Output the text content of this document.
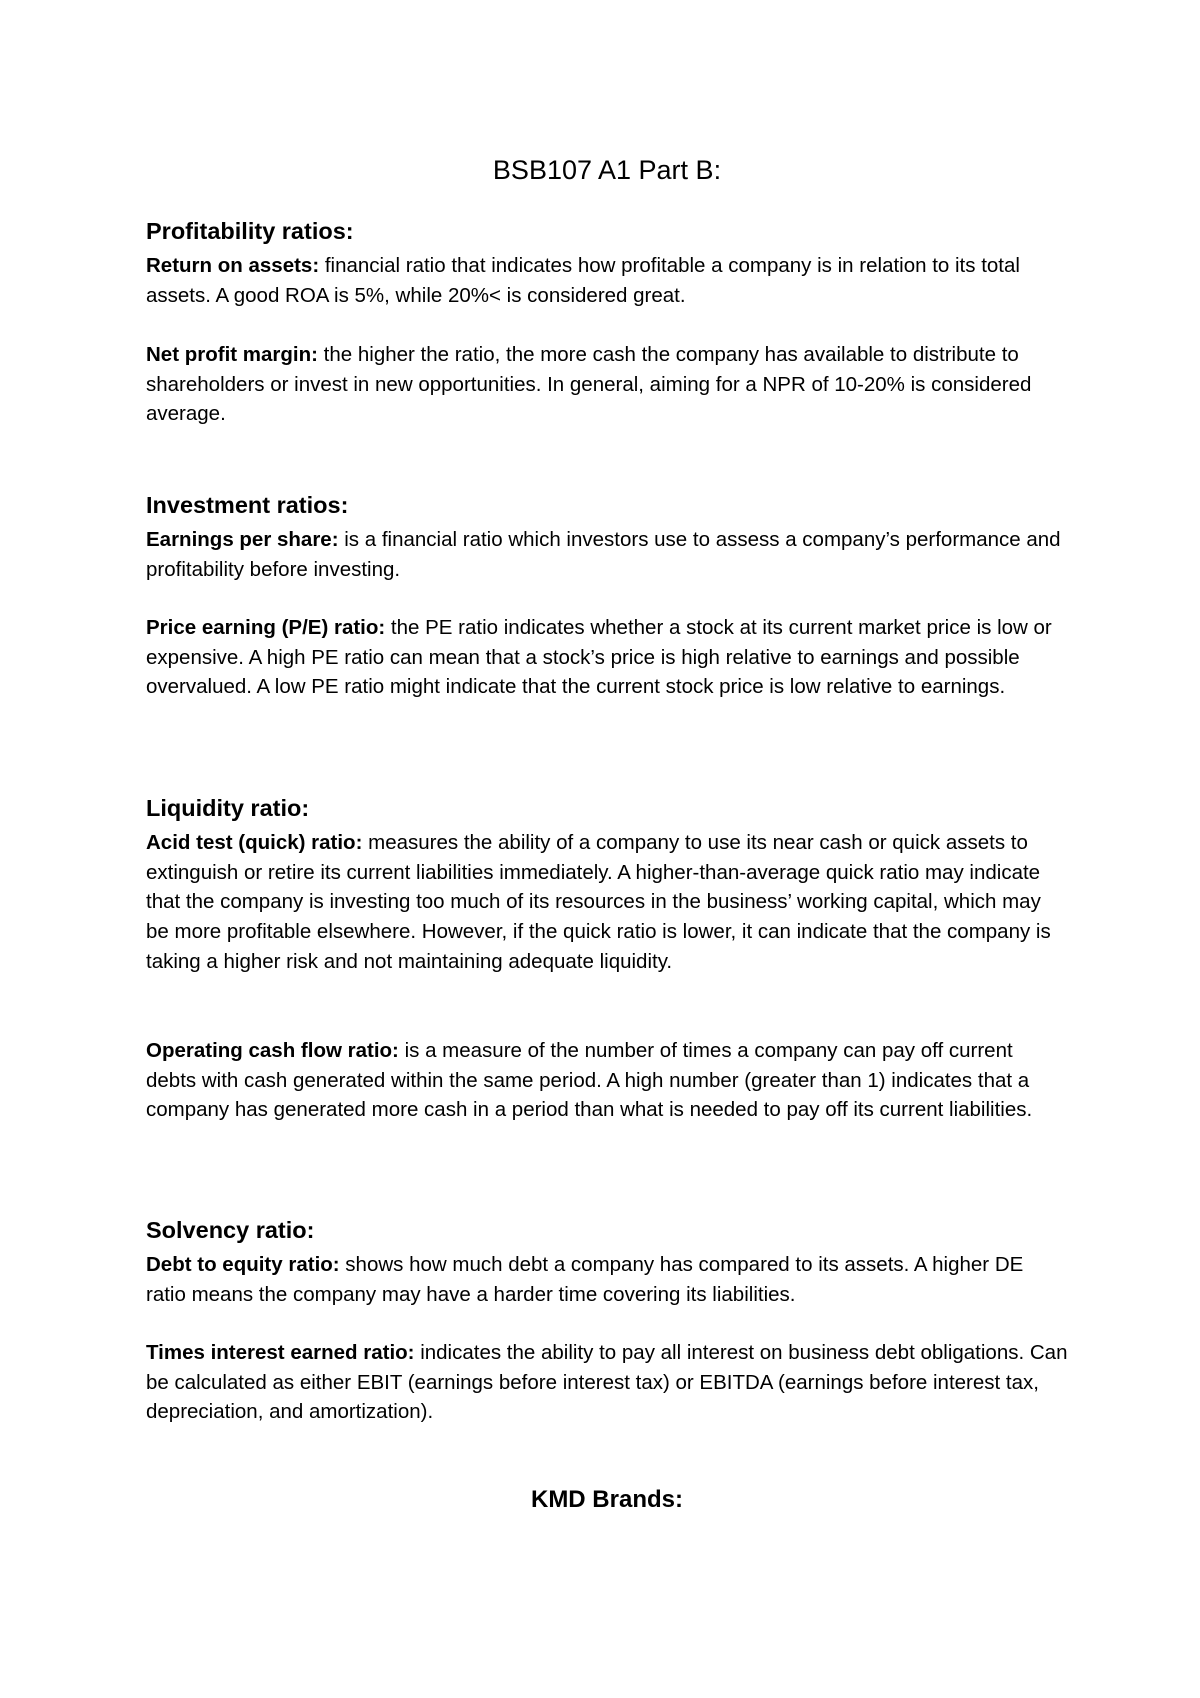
BSB107 A1 Part B:
Profitability ratios:
Return on assets: financial ratio that indicates how profitable a company is in relation to its total assets. A good ROA is 5%, while 20%< is considered great.
Net profit margin: the higher the ratio, the more cash the company has available to distribute to shareholders or invest in new opportunities. In general, aiming for a NPR of 10-20% is considered average.
Investment ratios:
Earnings per share: is a financial ratio which investors use to assess a company’s performance and profitability before investing.
Price earning (P/E) ratio: the PE ratio indicates whether a stock at its current market price is low or expensive. A high PE ratio can mean that a stock’s price is high relative to earnings and possible overvalued. A low PE ratio might indicate that the current stock price is low relative to earnings.
Liquidity ratio:
Acid test (quick) ratio: measures the ability of a company to use its near cash or quick assets to extinguish or retire its current liabilities immediately. A higher-than-average quick ratio may indicate that the company is investing too much of its resources in the business’ working capital, which may be more profitable elsewhere. However, if the quick ratio is lower, it can indicate that the company is taking a higher risk and not maintaining adequate liquidity.
Operating cash flow ratio: is a measure of the number of times a company can pay off current debts with cash generated within the same period. A high number (greater than 1) indicates that a company has generated more cash in a period than what is needed to pay off its current liabilities.
Solvency ratio:
Debt to equity ratio: shows how much debt a company has compared to its assets. A higher DE ratio means the company may have a harder time covering its liabilities.
Times interest earned ratio: indicates the ability to pay all interest on business debt obligations. Can be calculated as either EBIT (earnings before interest tax) or EBITDA (earnings before interest tax, depreciation, and amortization).
KMD Brands:
